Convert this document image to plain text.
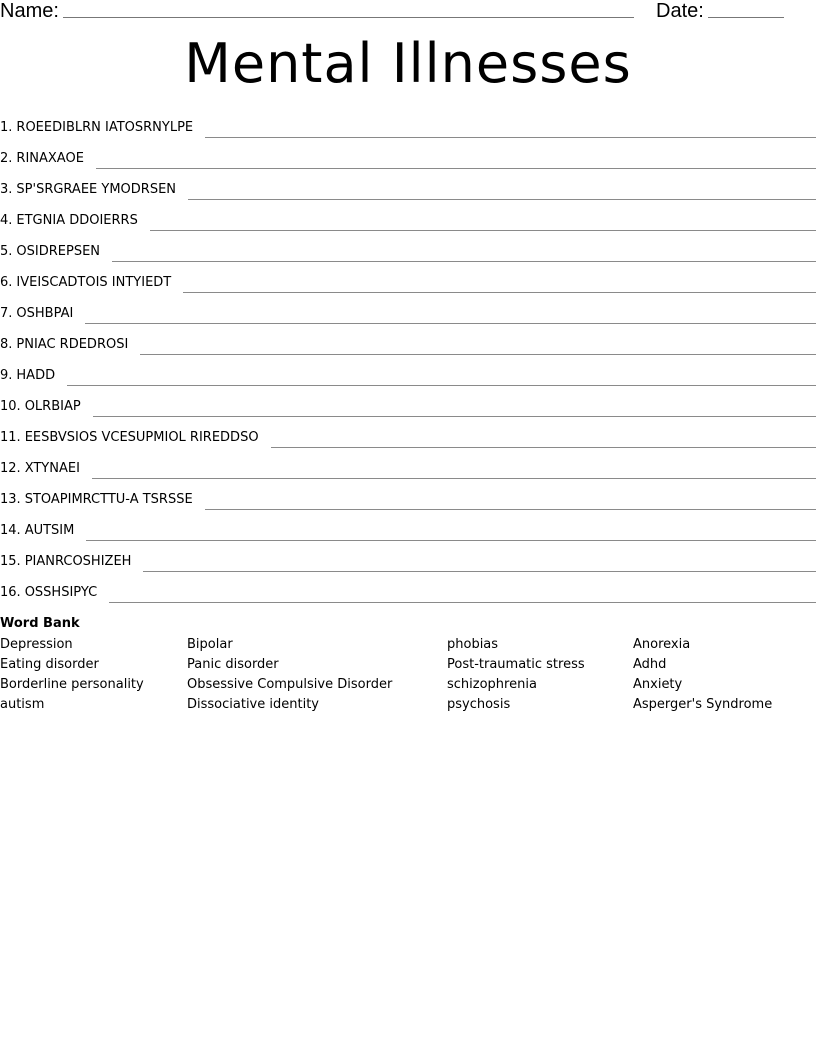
Name:	Date:
Mental Illnesses
1. ROEEDIBLRN IATOSRNYLPE
2. RINAXAOE
3. SP'SRGRAEE YMODRSEN
4. ETGNIA DDOIERRS
5. OSIDREPSEN
6. IVEISCADTOIS INTYIEDT
7. OSHBPAI
8. PNIAC RDEDROSI
9. HADD
10. OLRBIAP
11. EESBVSIOS VCESUPMIOL RIREDDSO
12. XTYNAEI
13. STOAPIMRCTTU-A TSRSSE
14. AUTSIM
15. PIANRCOSHIZEH
16. OSSHSIPYC
Word Bank
Depression
Eating disorder
Borderline personality
autism
Bipolar
Panic disorder
Obsessive Compulsive Disorder
Dissociative identity
phobias
Post-traumatic stress
schizophrenia
psychosis
Anorexia
Adhd
Anxiety
Asperger's Syndrome
